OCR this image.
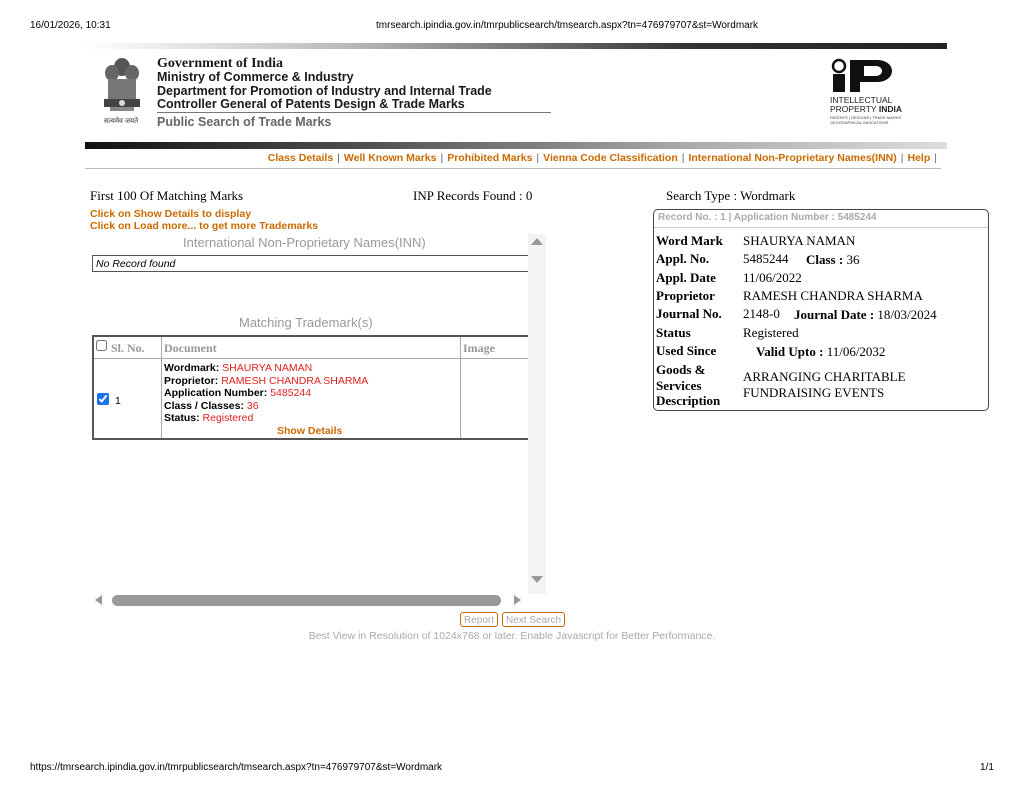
16/01/2026, 10:31	tmrsearch.ipindia.gov.in/tmrpublicsearch/tmsearch.aspx?tn=476979707&st=Wordmark
सत्यमेव जयते
Government of India
Ministry of Commerce & Industry
Department for Promotion of Industry and Internal Trade
Controller General of Patents Design & Trade Marks
Public Search of Trade Marks
INTELLECTUAL
PROPERTY INDIA
PATENTS | DESIGNS | TRADE MARKS
GEOGRAPHICAL INDICATIONS
Class Details | Well Known Marks | Prohibited Marks | Vienna Code Classification | International Non-Proprietary Names(INN) | Help |
First 100 Of Matching Marks	INP Records Found : 0
Click on Show Details to display
Click on Load more... to get more Trademarks
International Non-Proprietary Names(INN)
No Record found
Matching Trademark(s)
Sl. No. Document	Image
1
Wordmark: SHAURYA NAMAN
Proprietor: RAMESH CHANDRA SHARMA
Application Number: 5485244
Class / Classes: 36
Status: Registered
Show Details
Report	Next Search
Best View in Resolution of 1024x768 or later. Enable Javascript for Better Performance.
Search Type : Wordmark
Record No. : 1 | Application Number : 5485244
Word Mark SHAURYA NAMAN
Appl. No.	5485244 Class : 36
Appl. Date 11/06/2022
Proprietor RAMESH CHANDRA SHARMA
Journal No. 2148-0 Journal Date : 18/03/2024
Status	Registered
Used Since	Valid Upto : 11/06/2032
Goods &
Services
Description
ARRANGING CHARITABLE
FUNDRAISING EVENTS
https://tmrsearch.ipindia.gov.in/tmrpublicsearch/tmsearch.aspx?tn=476979707&st=Wordmark	1/1
